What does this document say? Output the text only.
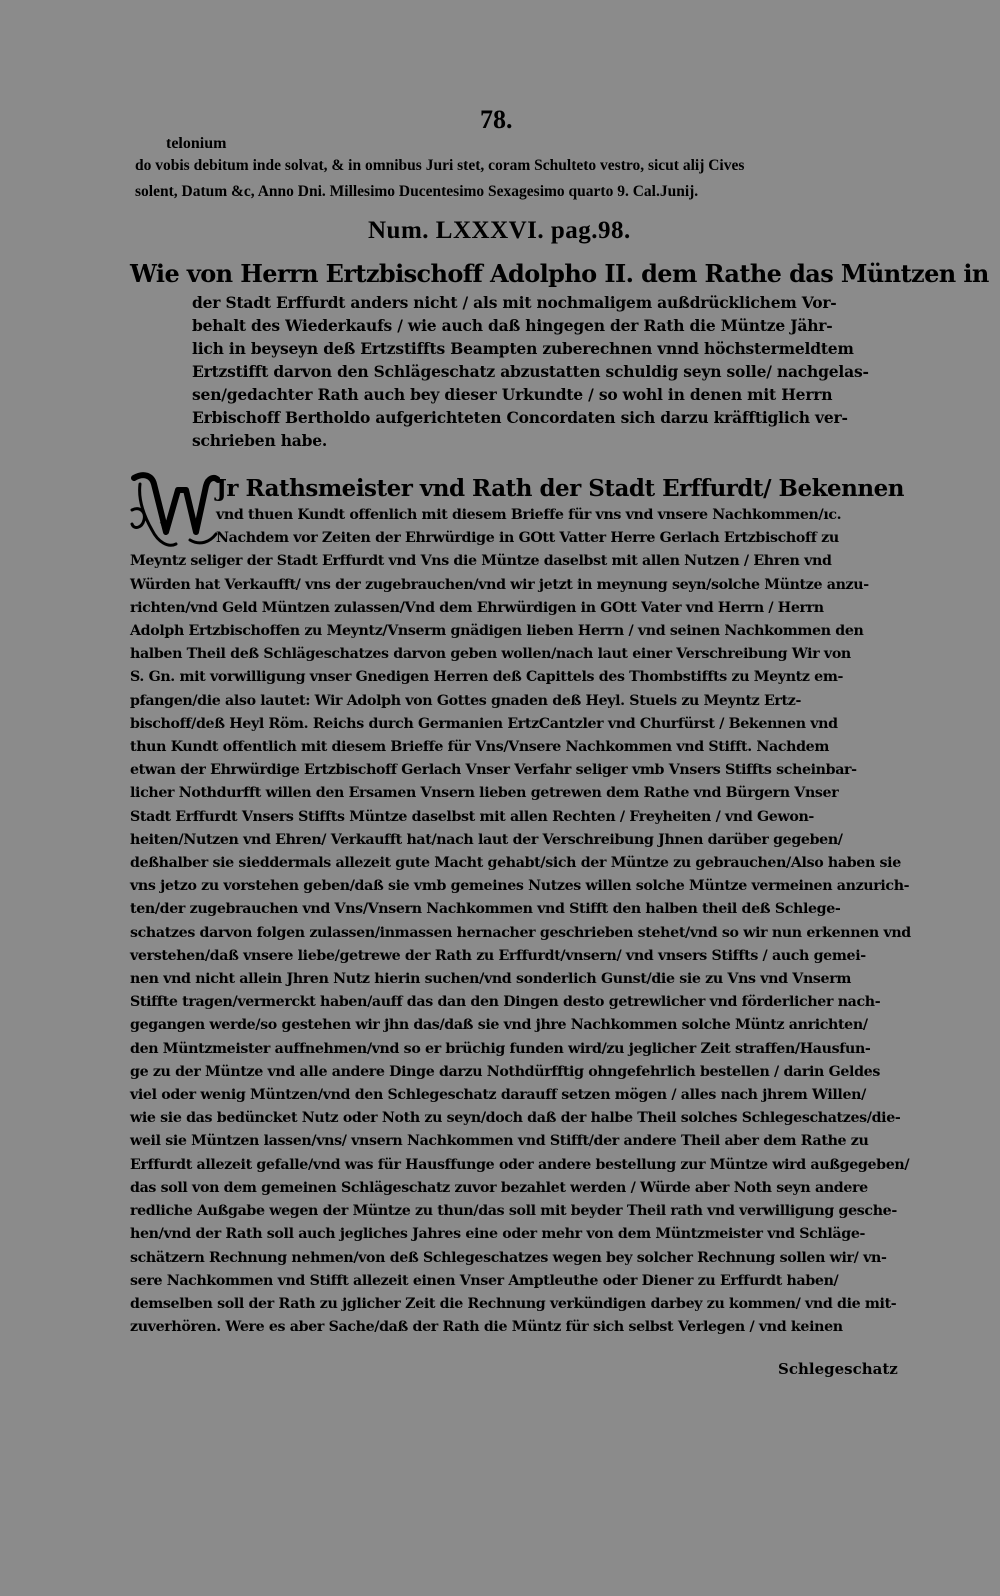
78.
telonium
do vobis debitum inde solvat, & in omnibus Juri stet, coram Schulteto vestro, sicut alij Cives
solent, Datum &c, Anno Dni. Millesimo Ducentesimo Sexagesimo quarto 9. Cal.Junij.
Num. LXXXVI. pag.98.
Wie von Herrn Ertzbischoff Adolpho II. dem Rathe das Müntzen in
der Stadt Erffurdt anders nicht / als mit nochmaligem außdrücklichem Vor-
behalt des Wiederkaufs / wie auch daß hingegen der Rath die Müntze Jähr-
lich in beyseyn deß Ertzstiffts Beampten zuberechnen vnnd höchstermeldtem
Ertzstifft darvon den Schlägeschatz abzustatten schuldig seyn solle/ nachgelas-
sen/gedachter Rath auch bey dieser Urkundte / so wohl in denen mit Herrn
Erbischoff Bertholdo aufgerichteten Concordaten sich darzu kräfftiglich ver-
schrieben habe.
W
Jr Rathsmeister vnd Rath der Stadt Erffurdt/ Bekennen
vnd thuen Kundt offenlich mit diesem Brieffe für vns vnd vnsere Nachkommen/ıc.
Nachdem vor Zeiten der Ehrwürdige in GOtt Vatter Herre Gerlach Ertzbischoff zu
Meyntz seliger der Stadt Erffurdt vnd Vns die Müntze daselbst mit allen Nutzen / Ehren vnd
Würden hat Verkaufft/ vns der zugebrauchen/vnd wir jetzt in meynung seyn/solche Müntze anzu-
richten/vnd Geld Müntzen zulassen/Vnd dem Ehrwürdigen in GOtt Vater vnd Herrn / Herrn
Adolph Ertzbischoffen zu Meyntz/Vnserm gnädigen lieben Herrn / vnd seinen Nachkommen den
halben Theil deß Schlägeschatzes darvon geben wollen/nach laut einer Verschreibung Wir von
S. Gn. mit vorwilligung vnser Gnedigen Herren deß Capittels des Thombstiffts zu Meyntz em-
pfangen/die also lautet: Wir Adolph von Gottes gnaden deß Heyl. Stuels zu Meyntz Ertz-
bischoff/deß Heyl Röm. Reichs durch Germanien ErtzCantzler vnd Churfürst / Bekennen vnd
thun Kundt offentlich mit diesem Brieffe für Vns/Vnsere Nachkommen vnd Stifft. Nachdem
etwan der Ehrwürdige Ertzbischoff Gerlach Vnser Verfahr seliger vmb Vnsers Stiffts scheinbar-
licher Nothdurfft willen den Ersamen Vnsern lieben getrewen dem Rathe vnd Bürgern Vnser
Stadt Erffurdt Vnsers Stiffts Müntze daselbst mit allen Rechten / Freyheiten / vnd Gewon-
heiten/Nutzen vnd Ehren/ Verkaufft hat/nach laut der Verschreibung Jhnen darüber gegeben/
deßhalber sie sieddermals allezeit gute Macht gehabt/sich der Müntze zu gebrauchen/Also haben sie
vns jetzo zu vorstehen geben/daß sie vmb gemeines Nutzes willen solche Müntze vermeinen anzurich-
ten/der zugebrauchen vnd Vns/Vnsern Nachkommen vnd Stifft den halben theil deß Schlege-
schatzes darvon folgen zulassen/inmassen hernacher geschrieben stehet/vnd so wir nun erkennen vnd
verstehen/daß vnsere liebe/getrewe der Rath zu Erffurdt/vnsern/ vnd vnsers Stiffts / auch gemei-
nen vnd nicht allein Jhren Nutz hierin suchen/vnd sonderlich Gunst/die sie zu Vns vnd Vnserm
Stiffte tragen/vermerckt haben/auff das dan den Dingen desto getrewlicher vnd förderlicher nach-
gegangen werde/so gestehen wir jhn das/daß sie vnd jhre Nachkommen solche Müntz anrichten/
den Müntzmeister auffnehmen/vnd so er brüchig funden wird/zu jeglicher Zeit straffen/Hausfun-
ge zu der Müntze vnd alle andere Dinge darzu Nothdürfftig ohngefehrlich bestellen / darin Geldes
viel oder wenig Müntzen/vnd den Schlegeschatz darauff setzen mögen / alles nach jhrem Willen/
wie sie das bedüncket Nutz oder Noth zu seyn/doch daß der halbe Theil solches Schlegeschatzes/die-
weil sie Müntzen lassen/vns/ vnsern Nachkommen vnd Stifft/der andere Theil aber dem Rathe zu
Erffurdt allezeit gefalle/vnd was für Hausffunge oder andere bestellung zur Müntze wird außgegeben/
das soll von dem gemeinen Schlägeschatz zuvor bezahlet werden / Würde aber Noth seyn andere
redliche Außgabe wegen der Müntze zu thun/das soll mit beyder Theil rath vnd verwilligung gesche-
hen/vnd der Rath soll auch jegliches Jahres eine oder mehr von dem Müntzmeister vnd Schläge-
schätzern Rechnung nehmen/von deß Schlegeschatzes wegen bey solcher Rechnung sollen wir/ vn-
sere Nachkommen vnd Stifft allezeit einen Vnser Amptleuthe oder Diener zu Erffurdt haben/
demselben soll der Rath zu jglicher Zeit die Rechnung verkündigen darbey zu kommen/ vnd die mit-
zuverhören. Were es aber Sache/daß der Rath die Müntz für sich selbst Verlegen / vnd keinen
Schlegeschatz
